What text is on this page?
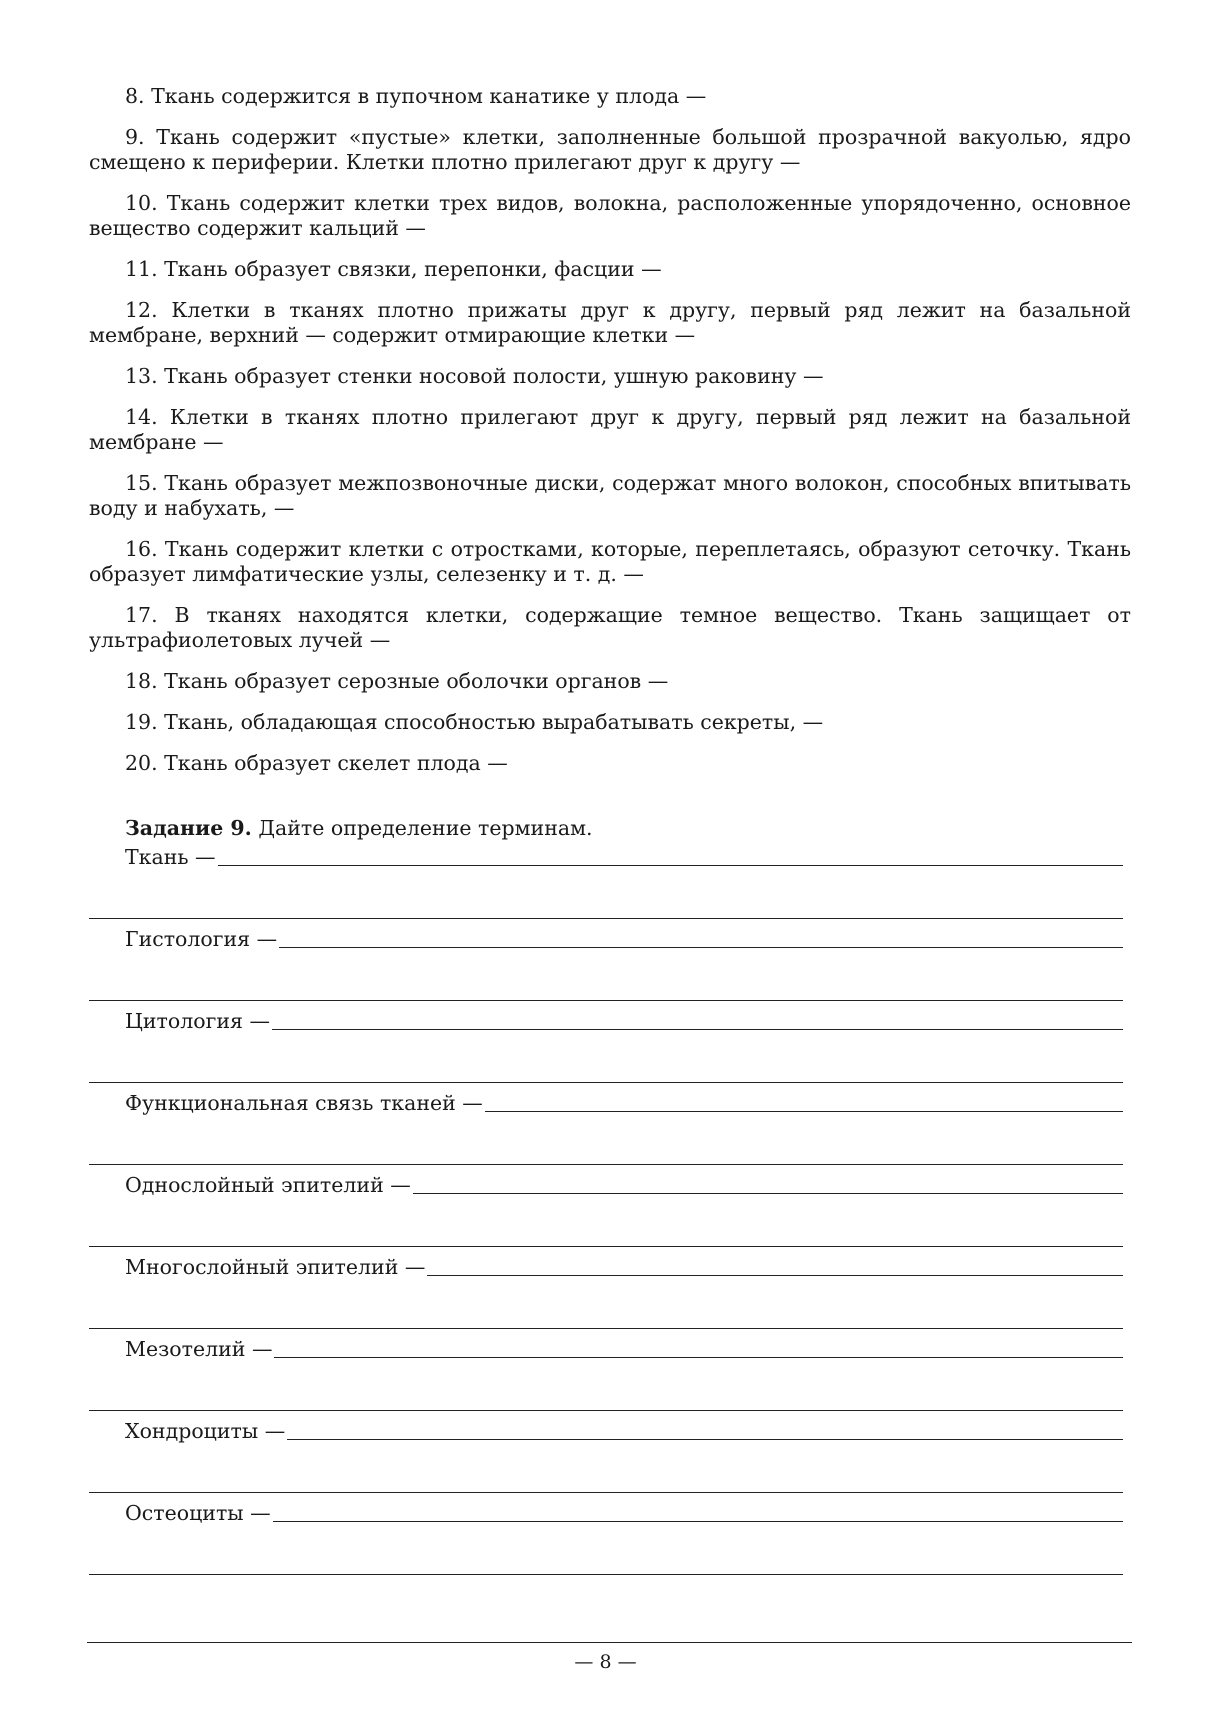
8. Ткань содержится в пупочном канатике у плода —

9. Ткань содержит «пустые» клетки, заполненные большой прозрачной вакуолью, ядро смещено к периферии. Клетки плотно прилегают друг к другу —

10. Ткань содержит клетки трех видов, волокна, расположенные упорядоченно, основное вещество содержит кальций —

11. Ткань образует связки, перепонки, фасции —

12. Клетки в тканях плотно прижаты друг к другу, первый ряд лежит на базальной мембране, верхний — содержит отмирающие клетки —

13. Ткань образует стенки носовой полости, ушную раковину —

14. Клетки в тканях плотно прилегают друг к другу, первый ряд лежит на базальной мембране —

15. Ткань образует межпозвоночные диски, содержат много волокон, способных впитывать воду и набухать, —

16. Ткань содержит клетки с отростками, которые, переплетаясь, образуют сеточку. Ткань образует лимфатические узлы, селезенку и т. д. —

17. В тканях находятся клетки, содержащие темное вещество. Ткань защищает от ультрафиолетовых лучей —

18. Ткань образует серозные оболочки органов —

19. Ткань, обладающая способностью вырабатывать секреты, —

20. Ткань образует скелет плода —

Задание 9. Дайте определение терминам.
Ткань —
Гистология —
Цитология —
Функциональная связь тканей —
Однослойный эпителий —
Многослойный эпителий —
Мезотелий —
Хондроциты —
Остеоциты —
— 8 —
